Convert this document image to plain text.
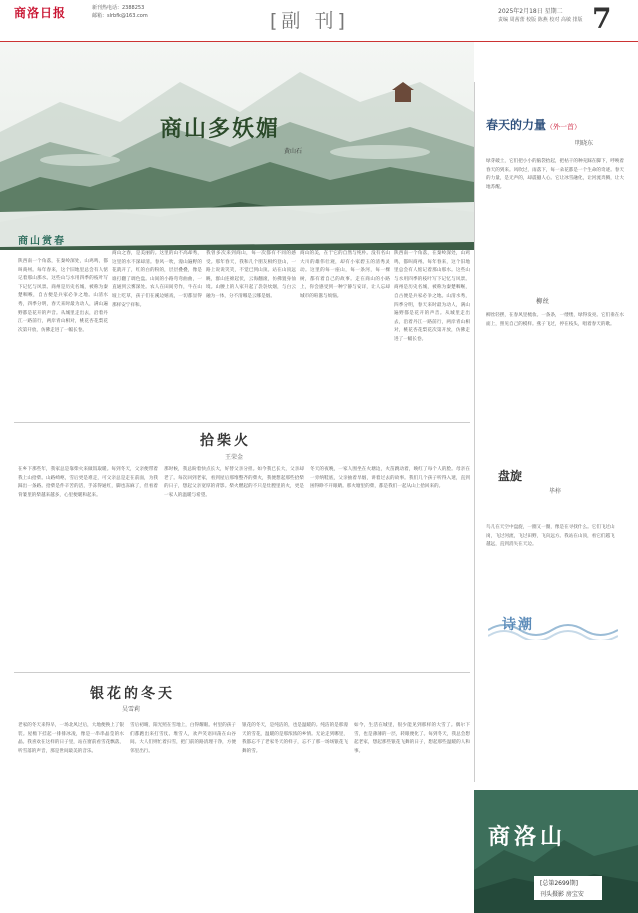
商洛日报	新刊热电话：2388253
邮箱：slrbfk@163.com	[副 刊]	2025年2月18日 星期二
责编 周茜蕾 校版 陈燕 校对 高敏 排版 7
商山多妖媚
黄山石
商山赏春
陕西南一个角落，在秦岭深处，山鸡鸣，都叫商州。每年春来，这个旧地里总会有人惦记着那山那水。这些山与水用四季的枝叶写下记忆与风景。商州是历史名城，被称为秦楚咽喉，自古便是兵家必争之地。山清水秀，四季分明，春天来时最为动人，满山遍野都是花开的声音。从城里走出去，沿着丹江一路前行，两岸青山相对，桃花杏花梨花次第开放，仿佛走进了一幅长卷。
商山之春，是美丽的。这里的山不高却秀，这里的水不深却清。春风一吹，漫山遍野的花就开了，红的白的粉的，层层叠叠，像是谁打翻了调色盘。山间的小路弯弯曲曲，一直通到云雾深处。农人在田间劳作，牛在山坡上吃草，孩子们在溪边嬉戏，一切都显得那样安宁祥和。
我曾多次来到商山，每一次都有不同的感受。那年春天，我和几个朋友相约登山，一路上说说笑笑，不觉已到山顶。站在山顶远眺，群山连绵起伏，云海翻滚，仿佛置身仙境。山腰上的人家升起了袅袅炊烟，与白云融为一体，分不清哪是云哪是烟。
商山的美，在于它的自然与纯朴。没有名山大川的雄伟壮观，却有小家碧玉的清秀灵动。这里的每一座山，每一条河，每一棵树，都有着自己的故事。走在商山的小路上，你会感受到一种宁静与安详，让人忘却城市的喧嚣与烦恼。
陕西南一个角落，在秦岭深处，山鸡鸣，都叫商州。每年春来，这个旧地里总会有人惦记着那山那水。这些山与水用四季的枝叶写下记忆与风景。商州是历史名城，被称为秦楚咽喉，自古便是兵家必争之地。山清水秀，四季分明，春天来时最为动人，满山遍野都是花开的声音。从城里走出去，沿着丹江一路前行，两岸青山相对，桃花杏花梨花次第开放，仿佛走进了一幅长卷。
拾柴火
王荣金
在乡下那些年，我家总是靠柴火来做饭取暖。每到冬天，父亲便带着我上山拾柴。山路崎岖，雪后更是难走，可父亲总是走在前面，为我踩出一条路。拾柴是件辛苦的活，手冻得通红，脚也冻麻了，但看着背篓里的柴越来越多，心里便暖和起来。
那时候，我总盼着快点长大，好替父亲分担。如今我已长大，父亲却老了。每次回到老家，看到屋后那堆整齐的柴火，我便想起那些拾柴的日子，想起父亲宽厚的背影。柴火燃起的不只是灶膛里的火，更是一家人的温暖与希望。
冬天的夜晚，一家人围坐在火塘边，火苗跳动着，映红了每个人的脸。母亲在一旁纳鞋底，父亲抽着旱烟，讲着过去的故事。我们几个孩子听得入迷，直到困得睁不开眼睛。那火塘里的柴，都是我们一起从山上拾回来的。
银花的冬天
吴雪莉
老家的冬天来得早，一场北风过后，大地便换上了银装。屋檐下挂起一排排冰凌，像是一串串晶莹的水晶。我喜欢在这样的日子里，站在窗前看雪花飘落，听雪落的声音，那是世间最美的音乐。
雪后初晴，阳光照在雪地上，白得耀眼。村里的孩子们都跑出来打雪仗、堆雪人，欢声笑语回荡在山谷间。大人们则忙着扫雪，把门前的路清理干净，方便邻里出行。
银花的冬天，是纯洁的，也是温暖的。纯洁的是那漫天的雪花，温暖的是那浓浓的乡情。无论走到哪里，我都忘不了老家冬天的样子，忘不了那一场场银花飞舞的雪。
如今，生活在城里，很少能见到那样的大雪了。偶尔下雪，也是薄薄的一层，转眼便化了。每到冬天，我总会想起老家，想起那些银花飞舞的日子，想起那些温暖的人和事。
春天的力量（外一首）
明晓东
绿芽破土，它们把小小的脑袋抬起，把枯干的种壳踩在脚下，呼唤着春天的到来。风吹过，雨落下，每一朵花都是一个生命的奇迹。春天的力量，是无声的，却震撼人心。它让冰雪融化，让河流奔腾，让大地苏醒。
柳丝
柳丝轻摆，在春风里梳妆。一条条，一缕缕，绿得发亮。它们垂在水面上，照见自己的模样。燕子飞过，停在枝头，唱着春天的歌。
盘旋
毕梓
鸟儿在天空中盘旋，一圈又一圈，像是在寻找什么。它们飞过山岗，飞过河流，飞过田野，飞向远方。我站在山顶，看它们越飞越远，直到消失在天边。
诗潮
商洛山
[总第2699期]
刊头摄影 房宝安
